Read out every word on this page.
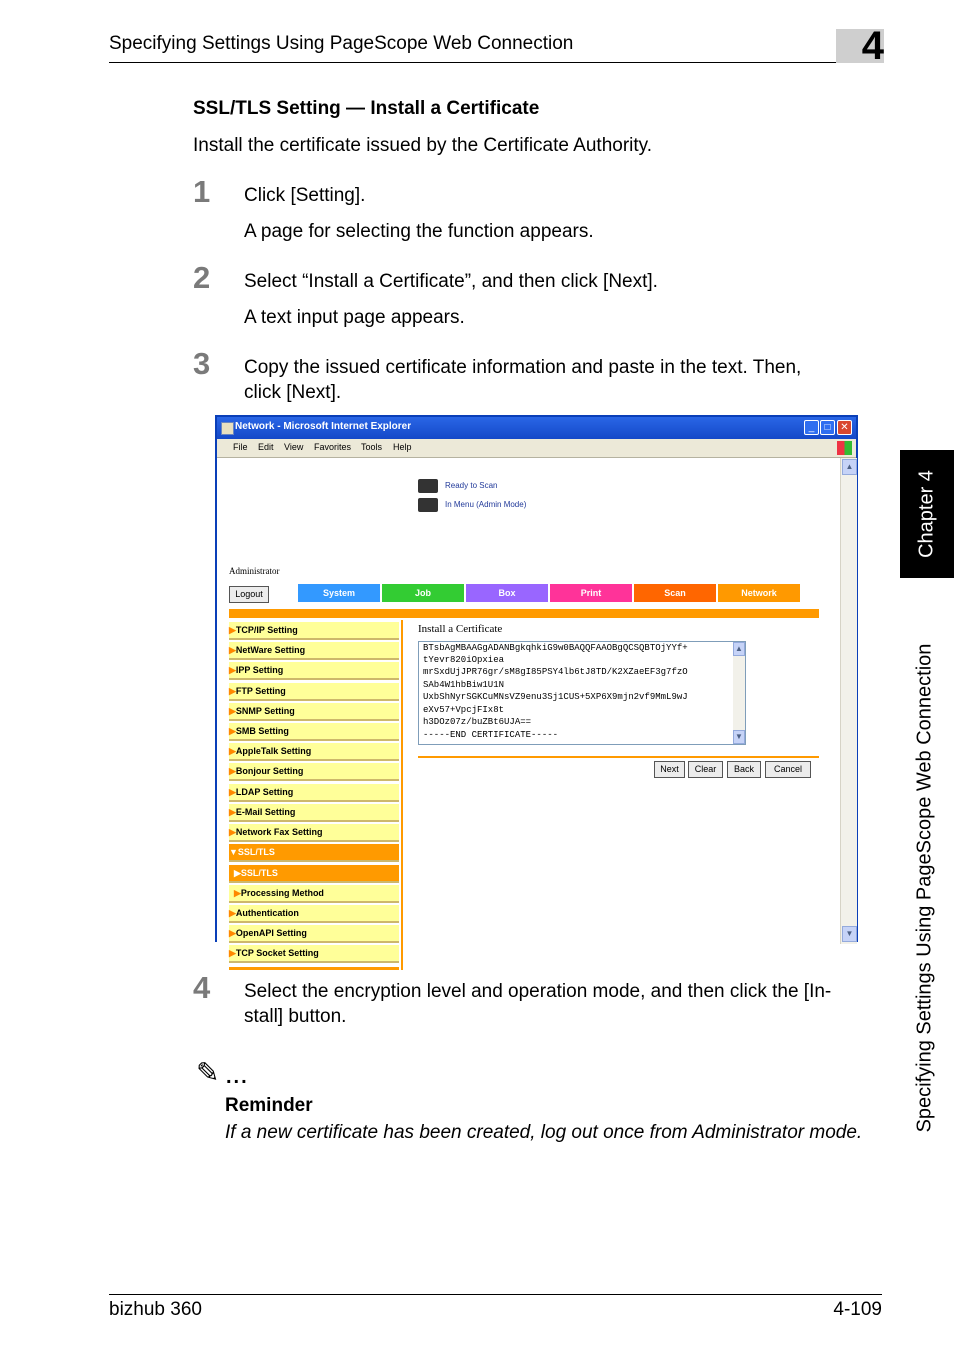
Specifying Settings Using PageScope Web Connection	4
Chapter 4
Specifying Settings Using PageScope Web Connection
SSL/TLS Setting — Install a Certificate
Install the certificate issued by the Certificate Authority.
1 Click [Setting].
A page for selecting the function appears.
2 Select “Install a Certificate”, and then click [Next].
A text input page appears.
3 Copy the issued certificate information and paste in the text. Then,
click [Next].
Network - Microsoft Internet Explorer	_	□ ✕
File Edit View Favorites Tools Help
Ready to Scan
In Menu (Admin Mode)
Administrator
Logout	System	Job	Box	Print	Scan	Network
▶TCP/IP Setting
▶NetWare Setting
▶IPP Setting
▶FTP Setting
▶SNMP Setting
▶SMB Setting
▶AppleTalk Setting
▶Bonjour Setting
▶LDAP Setting
▶E-Mail Setting
▶Network Fax Setting
▼SSL/TLS
▶SSL/TLS
▶Processing Method
▶Authentication
▶OpenAPI Setting
▶TCP Socket Setting
Install a Certificate
BTsbAgMBAAGgADANBgkqhkiG9w0BAQQFAAOBgQCSQBTOjYYf+
tYevr820iOpxiea
mrSxdUjJPR76gr/sM8gI85PSY4lb6tJ8TD/K2XZaeEF3g7fzO
SAb4W1hbBiw1U1N
UxbShNyrSGKCuMNsVZ9enu3Sj1CUS+5XP6X9mjn2vf9MmL9wJ
eXv57+VpcjFIx8t
h3DOz07z/buZBt6UJA==
-----END CERTIFICATE-----
▲
▼
Next	Clear	Back	Cancel
▲
▼
4 Select the encryption level and operation mode, and then click the [In-
stall] button.
✎ ...
Reminder
If a new certificate has been created, log out once from Administrator mode.
bizhub 360	4-109
